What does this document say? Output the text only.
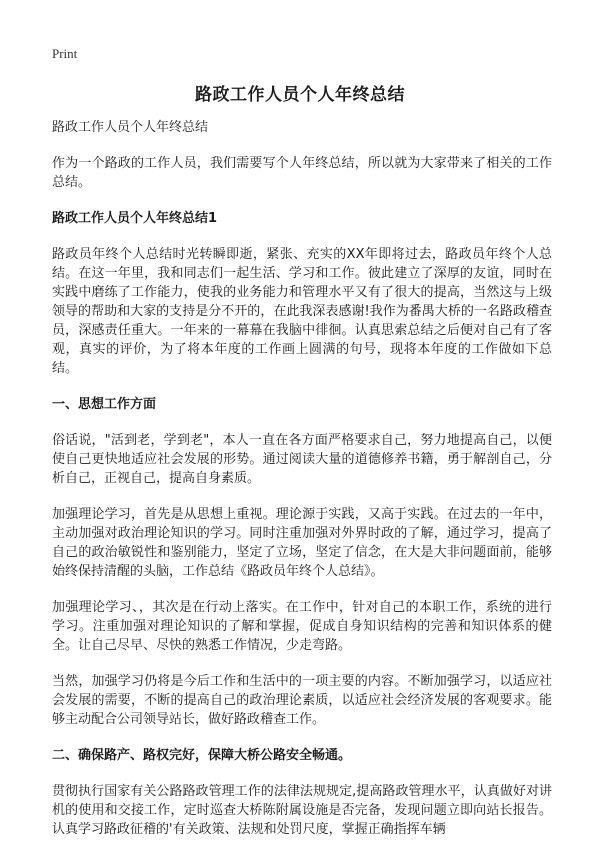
Print
路政工作人员个人年终总结

路政工作人员个人年终总结

作为一个路政的工作人员，我们需要写个人年终总结，所以就为大家带来了相关的工作总结。

路政工作人员个人年终总结1

路政员年终个人总结时光转瞬即逝，紧张、充实的XX年即将过去，路政员年终个人总结。在这一年里，我和同志们一起生活、学习和工作。彼此建立了深厚的友谊，同时在实践中磨练了工作能力，使我的业务能力和管理水平又有了很大的提高，当然这与上级领导的帮助和大家的支持是分不开的，在此我深表感谢!我作为番禺大桥的一名路政稽查员，深感责任重大。一年来的一幕幕在我脑中徘徊。认真思索总结之后便对自己有了客观，真实的评价，为了将本年度的工作画上圆满的句号，现将本年度的工作做如下总结。

一、思想工作方面

俗话说，"活到老，学到老"，本人一直在各方面严格要求自己，努力地提高自己，以便使自己更快地适应社会发展的形势。通过阅读大量的道德修养书籍，勇于解剖自己，分析自己，正视自己，提高自身素质。

加强理论学习，首先是从思想上重视。理论源于实践，又高于实践。在过去的一年中，主动加强对政治理论知识的学习。同时注重加强对外界时政的了解，通过学习，提高了自己的政治敏锐性和鉴别能力，坚定了立场，坚定了信念，在大是大非问题面前，能够始终保持清醒的头脑，工作总结《路政员年终个人总结》。

加强理论学习、，其次是在行动上落实。在工作中，针对自己的本职工作，系统的进行学习。注重加强对理论知识的了解和掌握，促成自身知识结构的完善和知识体系的健全。让自己尽早、尽快的熟悉工作情况，少走弯路。

当然，加强学习仍将是今后工作和生活中的一项主要的内容。不断加强学习，以适应社会发展的需要，不断的提高自己的政治理论素质，以适应社会经济发展的客观要求。能够主动配合公司领导站长，做好路政稽查工作。

二、确保路产、路权完好，保障大桥公路安全畅通。

贯彻执行国家有关公路路政管理工作的法律法规规定,提高路政管理水平，认真做好对讲机的使用和交接工作，定时巡查大桥陈附属设施是否完备，发现问题立即向站长报告。认真学习路政征稽的'有关政策、法规和处罚尺度，掌握正确指挥车辆
